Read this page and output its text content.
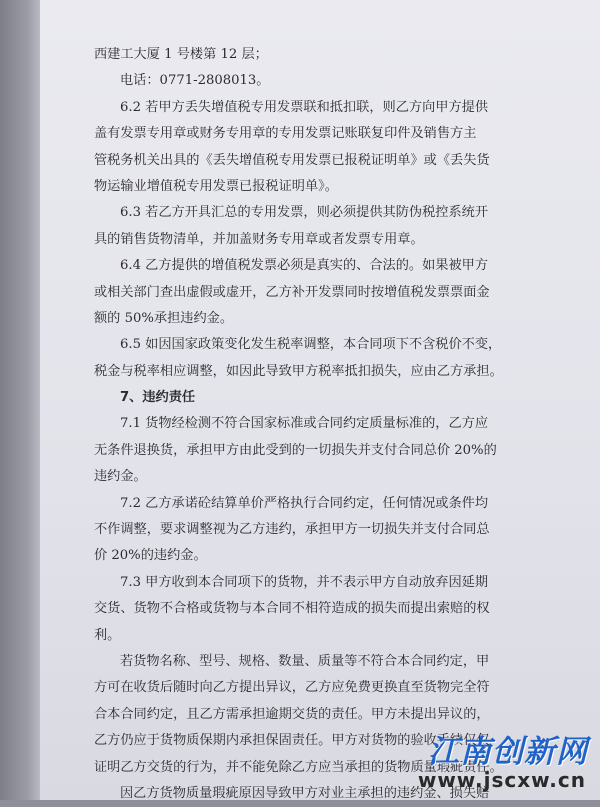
西建工大厦 1 号楼第 12 层；
电话：0771-2808013。
6.2 若甲方丢失增值税专用发票联和抵扣联，则乙方向甲方提供
盖有发票专用章或财务专用章的专用发票记账联复印件及销售方主
管税务机关出具的《丢失增值税专用发票已报税证明单》或《丢失货
物运输业增值税专用发票已报税证明单》。
6.3 若乙方开具汇总的专用发票，则必须提供其防伪税控系统开
具的销售货物清单，并加盖财务专用章或者发票专用章。
6.4 乙方提供的增值税发票必须是真实的、合法的。如果被甲方
或相关部门查出虚假或虚开，乙方补开发票同时按增值税发票票面金
额的 50%承担违约金。
6.5 如因国家政策变化发生税率调整，本合同项下不含税价不变，
税金与税率相应调整，如因此导致甲方税率抵扣损失，应由乙方承担。
7、违约责任
7.1 货物经检测不符合国家标准或合同约定质量标准的，乙方应
无条件退换货，承担甲方由此受到的一切损失并支付合同总价 20%的
违约金。
7.2 乙方承诺砼结算单价严格执行合同约定，任何情况或条件均
不作调整，要求调整视为乙方违约，承担甲方一切损失并支付合同总
价 20%的违约金。
7.3 甲方收到本合同项下的货物，并不表示甲方自动放弃因延期
交货、货物不合格或货物与本合同不相符造成的损失而提出索赔的权
利。
若货物名称、型号、规格、数量、质量等不符合本合同约定，甲
方可在收货后随时向乙方提出异议，乙方应免费更换直至货物完全符
合本合同约定，且乙方需承担逾期交货的责任。甲方未提出异议的，
乙方仍应于货物质保期内承担保固责任。甲方对货物的验收手续仅仅
证明乙方交货的行为，并不能免除乙方应当承担的货物质量瑕疵责任。
因乙方货物质量瑕疵原因导致甲方对业主承担的违约金、损失赔
江南创新网
www.jscxw.cn
